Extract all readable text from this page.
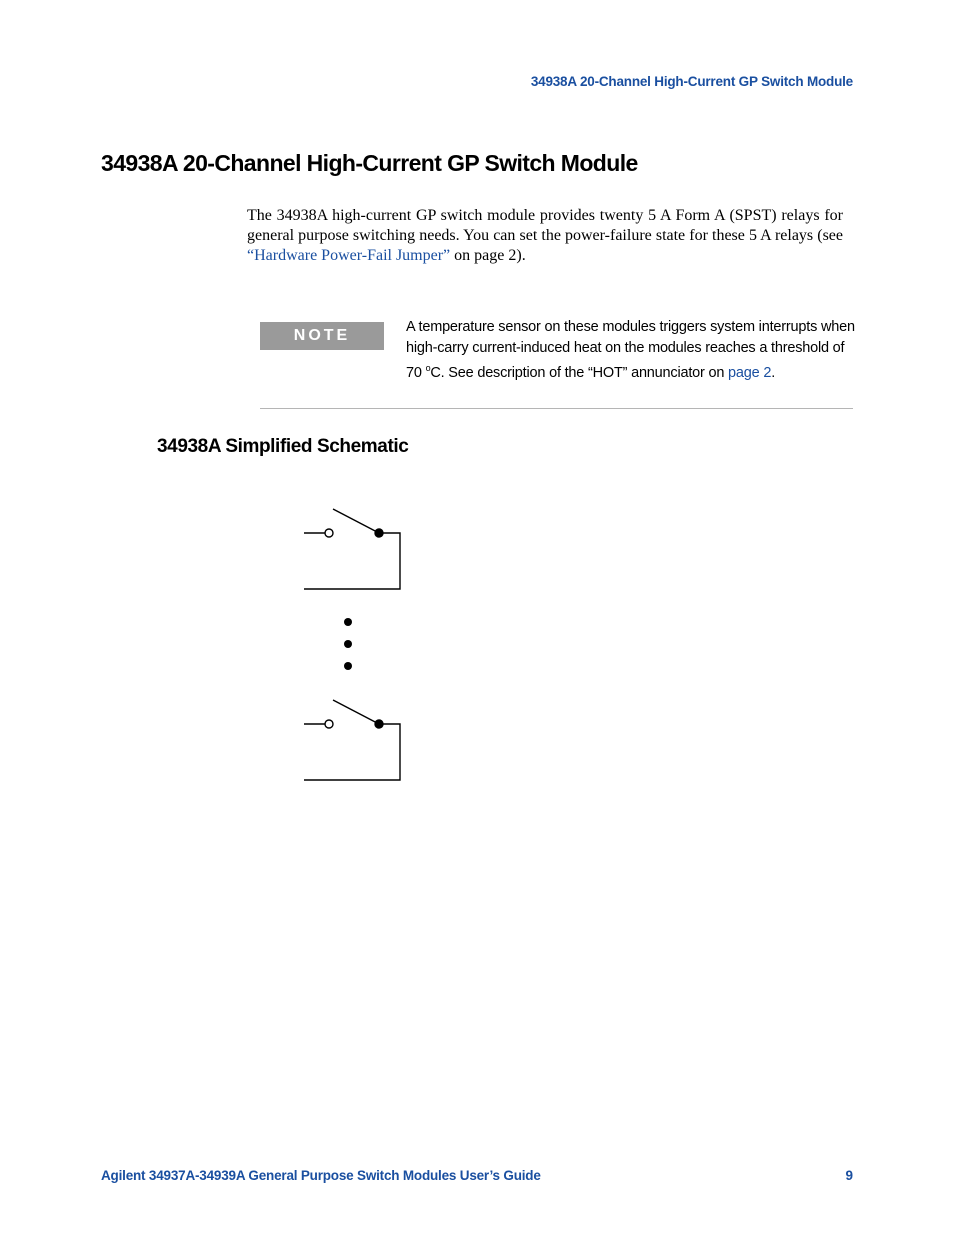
34938A 20-Channel High-Current GP Switch Module
34938A 20-Channel High-Current GP Switch Module

The 34938A high-current GP switch module provides twenty 5 A Form A (SPST) relays for general purpose switching needs. You can set the power-failure state for these 5 A relays (see “Hardware Power-Fail Jumper” on page 2).

NOTE	A temperature sensor on these modules triggers system interrupts when high-carry current-induced heat on the modules reaches a threshold of 70 $^o$C. See description of the “HOT” annunciator on page 2.

34938A Simplified Schematic
Agilent 34937A-34939A General Purpose Switch Modules User’s Guide	9
